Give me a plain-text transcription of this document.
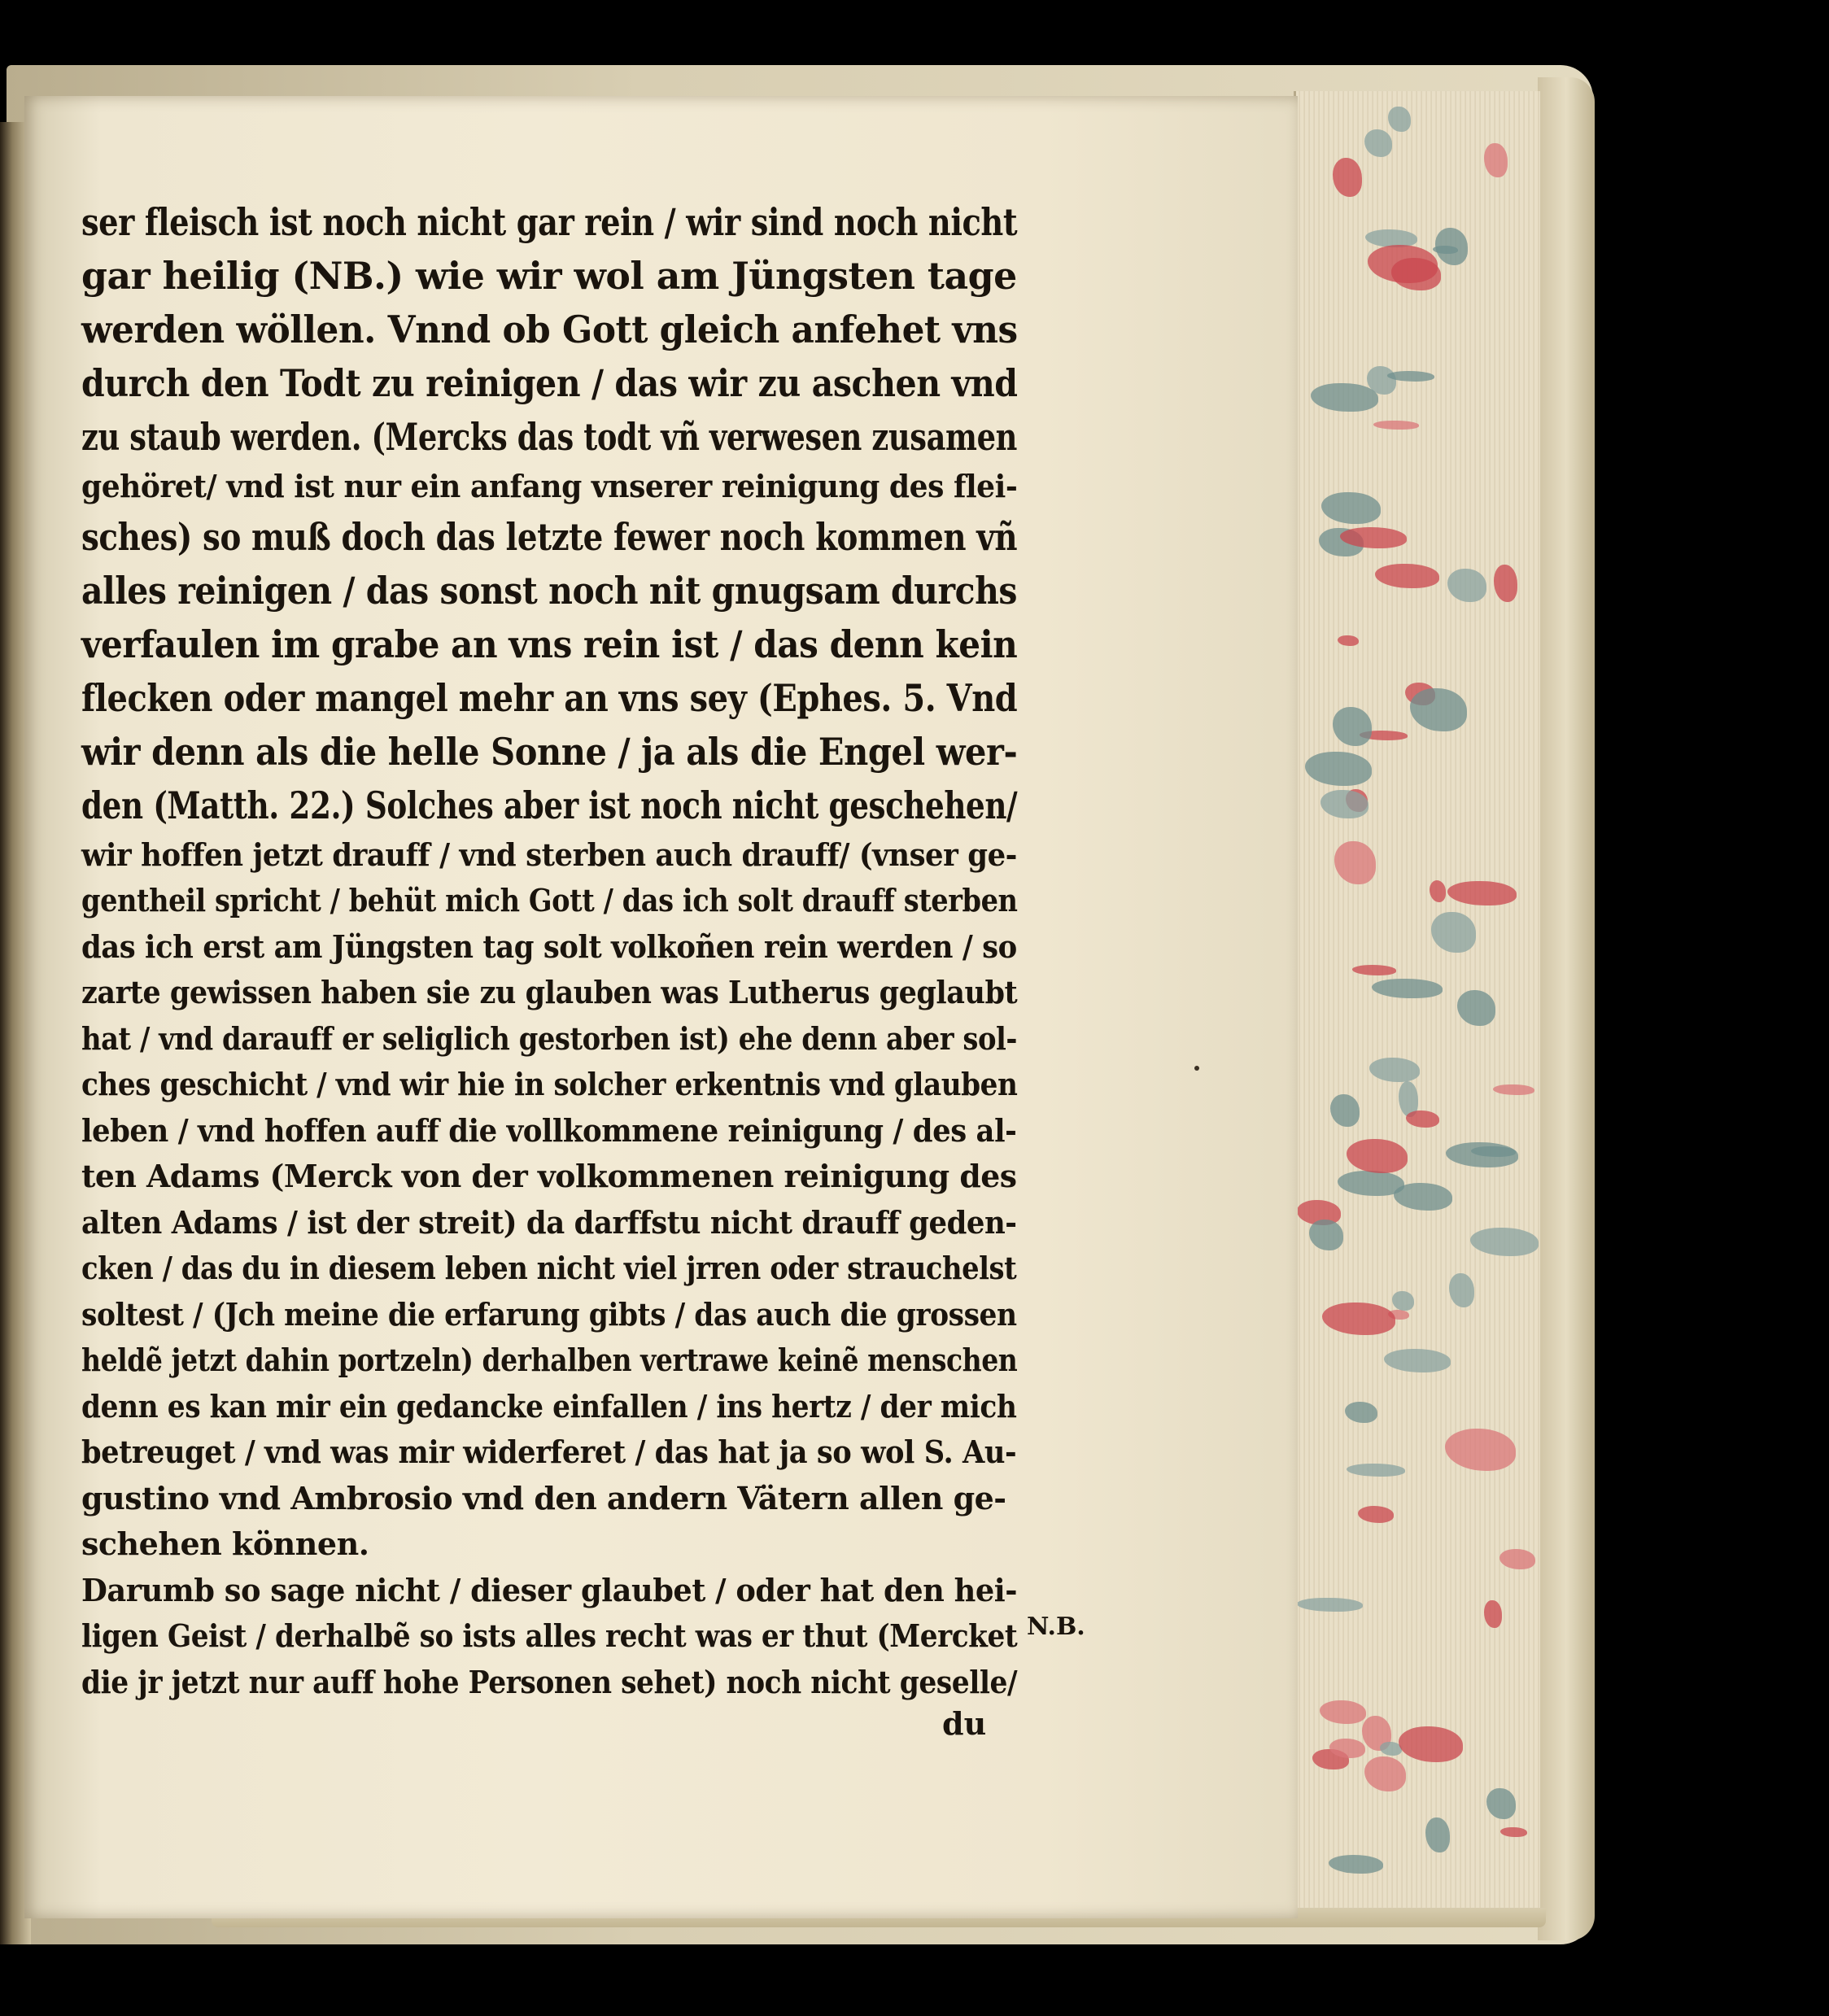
ser fleisch ist noch nicht gar rein / wir sind noch nicht
gar heilig (NB.) wie wir wol am Jüngsten tage
werden wöllen. Vnnd ob Gott gleich anfehet vns
durch den Todt zu reinigen / das wir zu aschen vnd
zu staub werden. (Mercks das todt vñ verwesen zusamen
gehöret/ vnd ist nur ein anfang vnserer reinigung des flei-
sches) so muß doch das letzte fewer noch kommen vñ
alles reinigen / das sonst noch nit gnugsam durchs
verfaulen im grabe an vns rein ist / das denn kein
flecken oder mangel mehr an vns sey (Ephes. 5. Vnd
wir denn als die helle Sonne / ja als die Engel wer-
den (Matth. 22.) Solches aber ist noch nicht geschehen/
wir hoffen jetzt drauff / vnd sterben auch drauff/ (vnser ge-
gentheil spricht / behüt mich Gott / das ich solt drauff sterben
das ich erst am Jüngsten tag solt volkoñen rein werden / so
zarte gewissen haben sie zu glauben was Lutherus geglaubt
hat / vnd darauff er seliglich gestorben ist) ehe denn aber sol-
ches geschicht / vnd wir hie in solcher erkentnis vnd glauben
leben / vnd hoffen auff die vollkommene reinigung / des al-
ten Adams (Merck von der volkommenen reinigung des
alten Adams / ist der streit) da darffstu nicht drauff geden-
cken / das du in diesem leben nicht viel jrren oder strauchelst
soltest / (Jch meine die erfarung gibts / das auch die grossen
heldẽ jetzt dahin portzeln) derhalben vertrawe keinẽ menschen
denn es kan mir ein gedancke einfallen / ins hertz / der mich
betreuget / vnd was mir widerferet / das hat ja so wol S. Au-
gustino vnd Ambrosio vnd den andern Vätern allen ge-
schehen können.
Darumb so sage nicht / dieser glaubet / oder hat den hei-
ligen Geist / derhalbẽ so ists alles recht was er thut (Mercket
die jr jetzt nur auff hohe Personen sehet) noch nicht geselle/
N.B.
du
